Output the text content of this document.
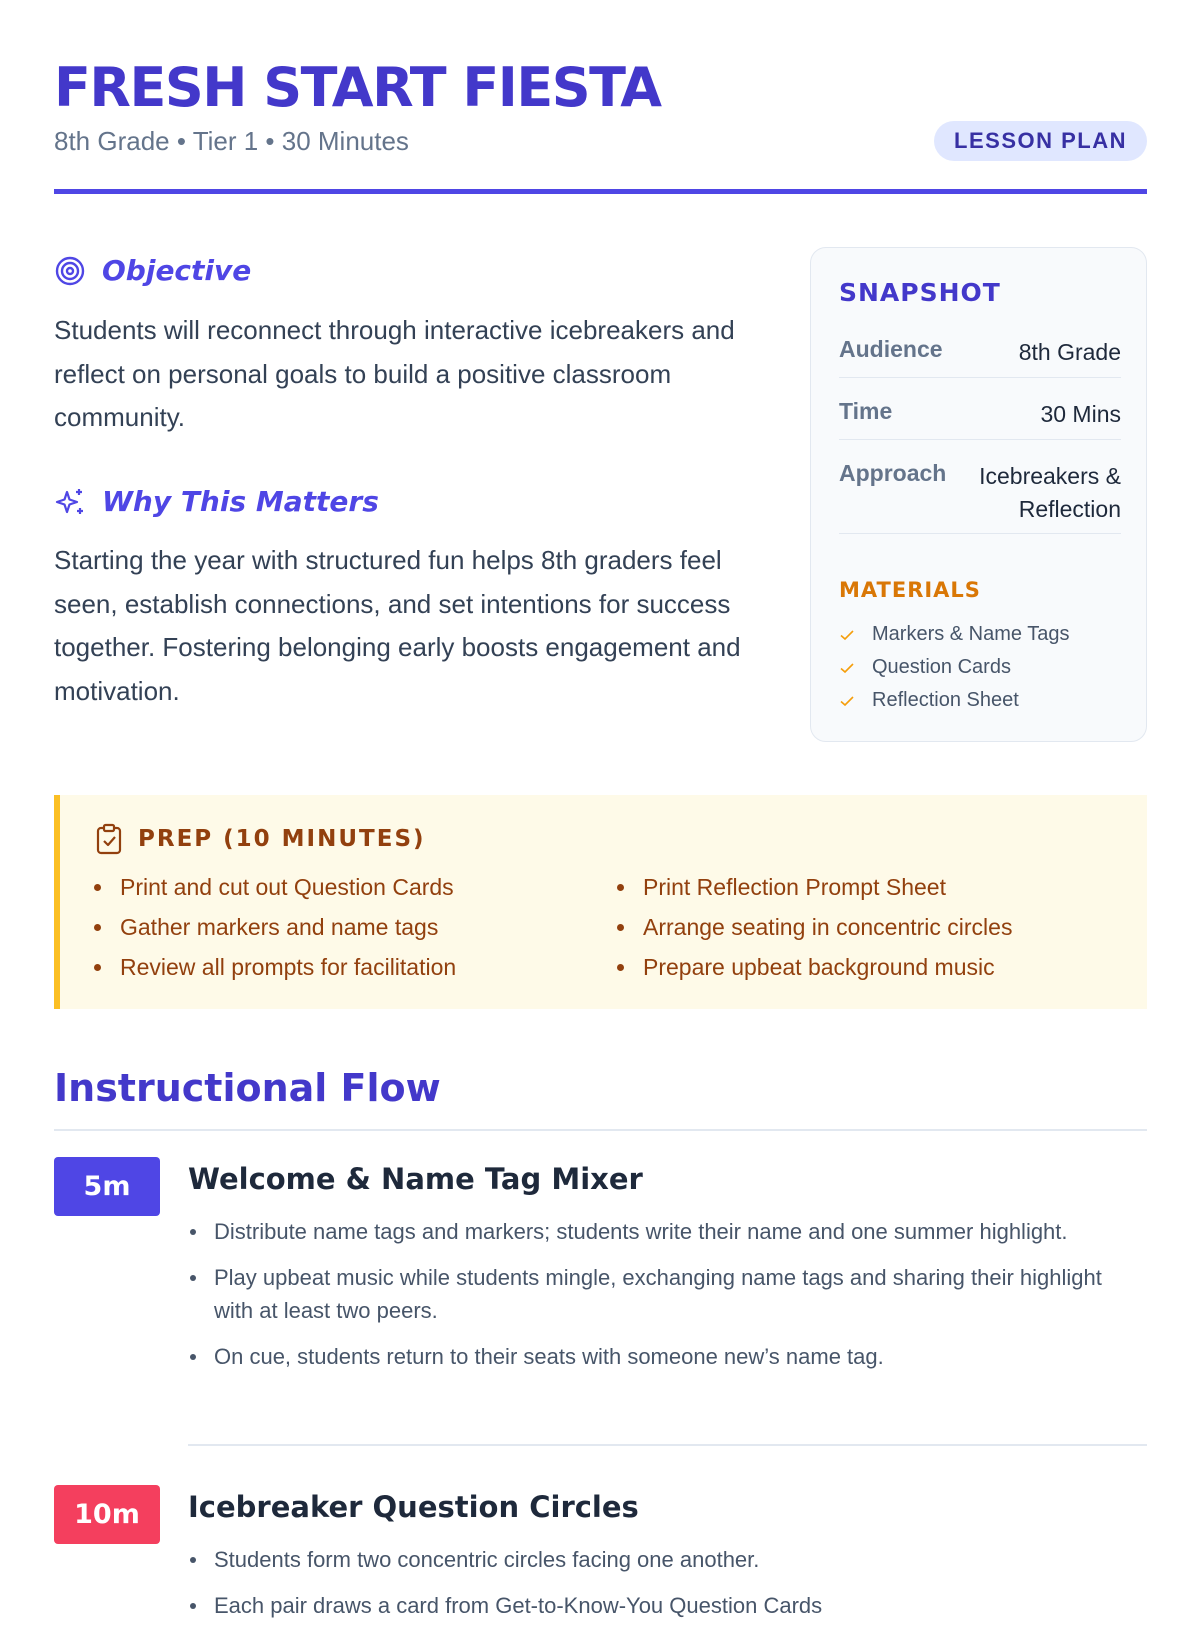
FRESH START FIESTA
8th Grade • Tier 1 • 30 Minutes	LESSON PLAN
Objective
Students will reconnect through interactive icebreakers and reflect on personal goals to build a positive classroom community.
Why This Matters
Starting the year with structured fun helps 8th graders feel seen, establish connections, and set intentions for success together. Fostering belonging early boosts engagement and motivation.
SNAPSHOT
Audience	8th Grade
Time	30 Mins
Approach	Icebreakers & Reflection
MATERIALS
Markers & Name Tags
Question Cards
Reflection Sheet
PREP (10 MINUTES)
Print and cut out Question Cards
Gather markers and name tags
Review all prompts for facilitation
Print Reflection Prompt Sheet
Arrange seating in concentric circles
Prepare upbeat background music
Instructional Flow
5m	Welcome & Name Tag Mixer
Distribute name tags and markers; students write their name and one summer highlight.
Play upbeat music while students mingle, exchanging name tags and sharing their highlight with at least two peers.
On cue, students return to their seats with someone new’s name tag.
10m	Icebreaker Question Circles
Students form two concentric circles facing one another.
Each pair draws a card from Get-to-Know-You Question Cards
